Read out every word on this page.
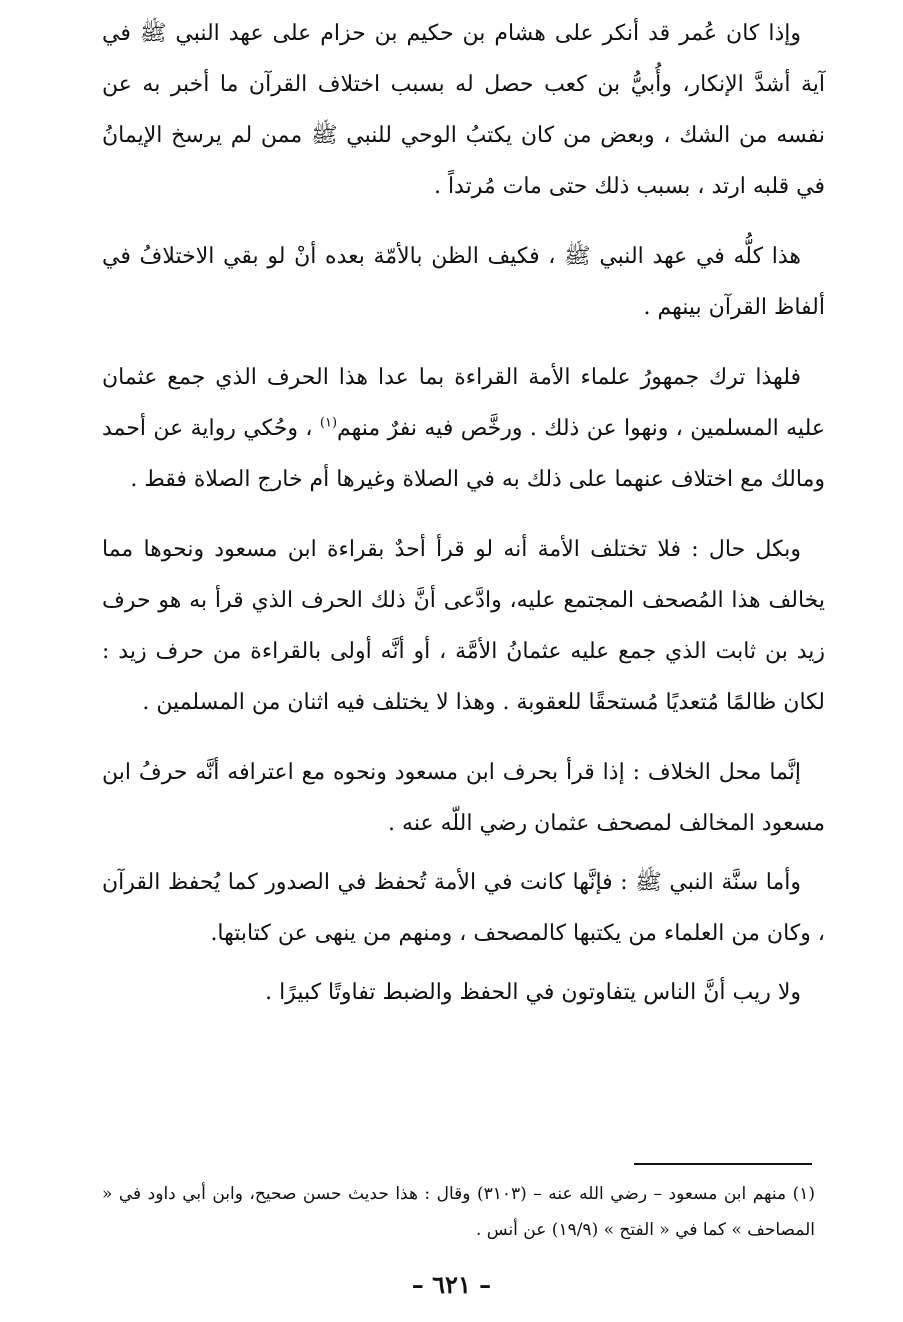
وإذا كان عُمر قد أنكر على هشام بن حكيم بن حزام على عهد النبي ﷺ في آية أشدَّ الإنكار، وأُبيُّ بن كعب حصل له بسبب اختلاف القرآن ما أخبر به عن نفسه من الشك ، وبعض من كان يكتبُ الوحي للنبي ﷺ ممن لم يرسخ الإيمانُ في قلبه ارتد ، بسبب ذلك حتى مات مُرتداً .

هذا كلُّه في عهد النبي ﷺ ، فكيف الظن بالأمّة بعده أنْ لو بقي الاختلافُ في ألفاظ القرآن بينهم .

فلهذا ترك جمهورُ علماء الأمة القراءة بما عدا هذا الحرف الذي جمع عثمان عليه المسلمين ، ونهوا عن ذلك . ورخَّص فيه نفرٌ منهم$^{(١)}$ ، وحُكي رواية عن أحمد ومالك مع اختلاف عنهما على ذلك به في الصلاة وغيرها أم خارج الصلاة فقط .

وبكل حال : فلا تختلف الأمة أنه لو قرأ أحدٌ بقراءة ابن مسعود ونحوها مما يخالف هذا المُصحف المجتمع عليه، وادَّعى أنَّ ذلك الحرف الذي قرأ به هو حرف زيد بن ثابت الذي جمع عليه عثمانُ الأمَّة ، أو أنَّه أولى بالقراءة من حرف زيد : لكان ظالمًا مُتعديًا مُستحقًا للعقوبة . وهذا لا يختلف فيه اثنان من المسلمين .

إنَّما محل الخلاف : إذا قرأ بحرف ابن مسعود ونحوه مع اعترافه أنَّه حرفُ ابن مسعود المخالف لمصحف عثمان رضي اللّه عنه .

وأما سنَّة النبي ﷺ : فإنَّها كانت في الأمة تُحفظ في الصدور كما يُحفظ القرآن ، وكان من العلماء من يكتبها كالمصحف ، ومنهم من ينهى عن كتابتها.

ولا ريب أنَّ الناس يتفاوتون في الحفظ والضبط تفاوتًا كبيرًا .

(١) منهم ابن مسعود – رضي الله عنه – (٣١٠٣) وقال : هذا حديث حسن صحيح، وابن أبي داود في « المصاحف » كما في « الفتح » (١٩/٩) عن أنس .

– ٦٢١ –
